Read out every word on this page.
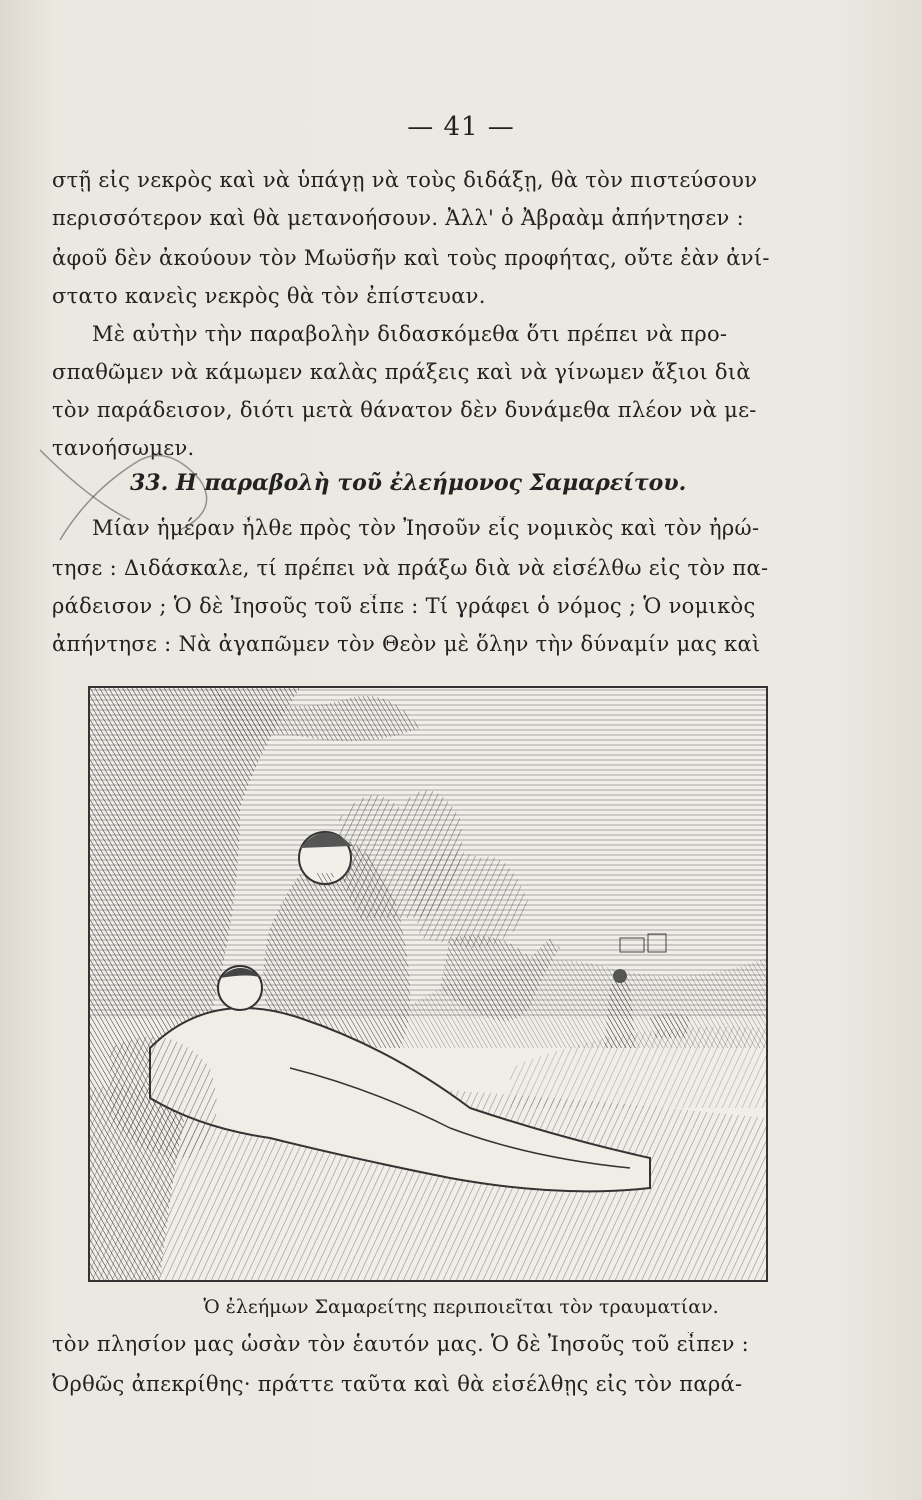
— 41 —
στῇ εἰς νεκρὸς καὶ νὰ ὑπάγῃ νὰ τοὺς διδάξῃ, θὰ τὸν πιστεύσουν
περισσότερον καὶ θὰ μετανοήσουν. Ἀλλ' ὁ Ἀβραὰμ ἀπήντησεν :
ἀφοῦ δὲν ἀκούουν τὸν Μωϋσῆν καὶ τοὺς προφήτας, οὔτε ἐὰν ἀνί-
στατο κανεὶς νεκρὸς θὰ τὸν ἐπίστευαν.
Μὲ αὐτὴν τὴν παραβολὴν διδασκόμεθα ὅτι πρέπει νὰ προ-
σπαθῶμεν νὰ κάμωμεν καλὰς πράξεις καὶ νὰ γίνωμεν ἄξιοι διὰ
τὸν παράδεισον, διότι μετὰ θάνατον δὲν δυνάμεθα πλέον νὰ με-
τανοήσωμεν.
33. Η παραβολὴ τοῦ ἐλεήμονος Σαμαρείτου.
Μίαν ἡμέραν ἦλθε πρὸς τὸν Ἰησοῦν εἷς νομικὸς καὶ τὸν ἠρώ-
τησε : Διδάσκαλε, τί πρέπει νὰ πράξω διὰ νὰ εἰσέλθω εἰς τὸν πα-
ράδεισον ; Ὁ δὲ Ἰησοῦς τοῦ εἶπε : Τί γράφει ὁ νόμος ; Ὁ νομικὸς
ἀπήντησε : Νὰ ἀγαπῶμεν τὸν Θεὸν μὲ ὅλην τὴν δύναμίν μας καὶ
Ὁ ἐλεήμων Σαμαρείτης περιποιεῖται τὸν τραυματίαν.
τὸν πλησίον μας ὡσὰν τὸν ἑαυτόν μας. Ὁ δὲ Ἰησοῦς τοῦ εἶπεν :
Ὀρθῶς ἀπεκρίθης· πράττε ταῦτα καὶ θὰ εἰσέλθῃς εἰς τὸν παρά-
